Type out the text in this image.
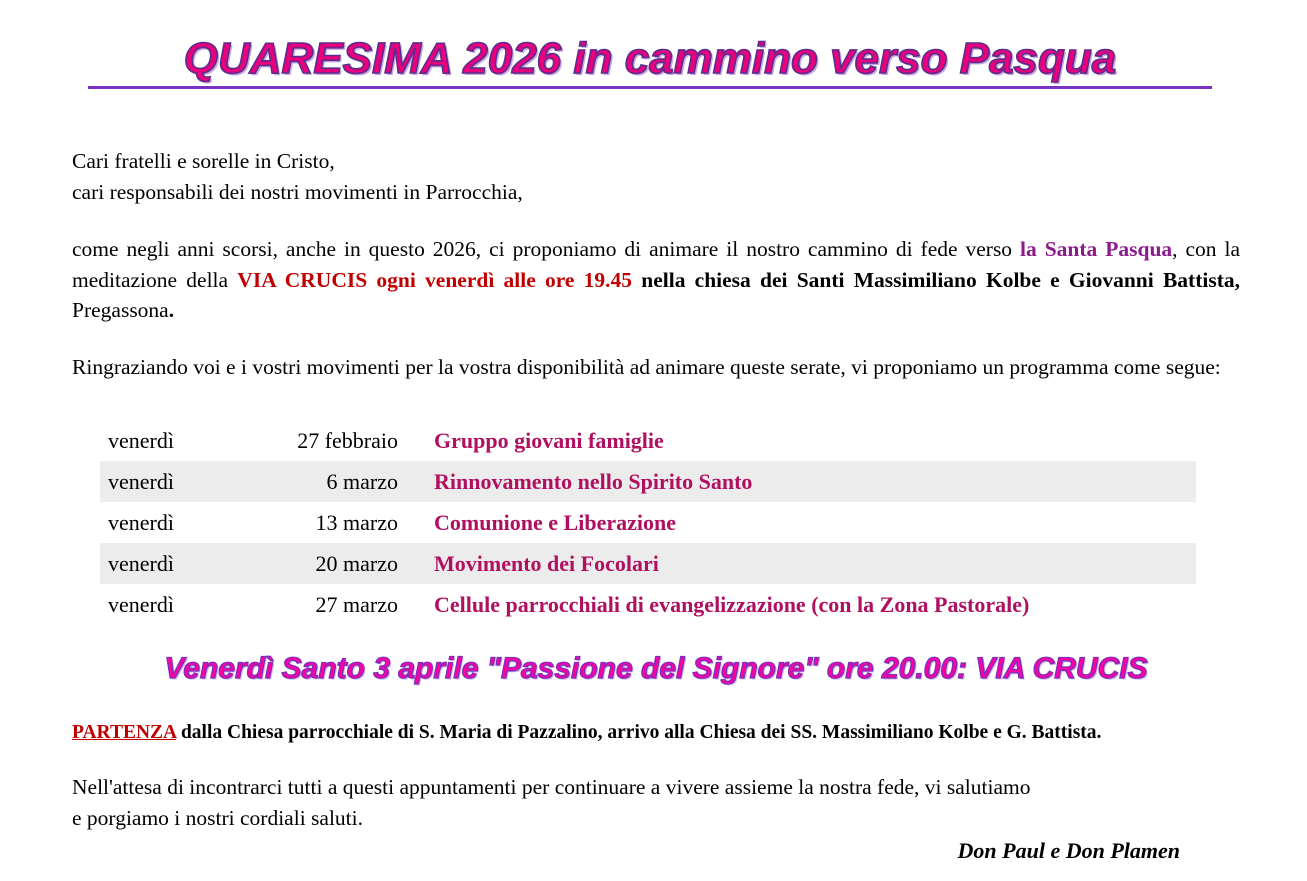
QUARESIMA 2026 in cammino verso Pasqua
Cari fratelli e sorelle in Cristo,
cari responsabili dei nostri movimenti in Parrocchia,
come negli anni scorsi, anche in questo 2026, ci proponiamo di animare il nostro cammino di fede verso la Santa Pasqua, con la meditazione della VIA CRUCIS ogni venerdì alle ore 19.45 nella chiesa dei Santi Massimiliano Kolbe e Giovanni Battista, Pregassona.
Ringraziando voi e i vostri movimenti per la vostra disponibilità ad animare queste serate, vi proponiamo un programma come segue:
venerdì	27 febbraio	Gruppo giovani famiglie
venerdì	6 marzo	Rinnovamento nello Spirito Santo
venerdì	13 marzo	Comunione e Liberazione
venerdì	20 marzo	Movimento dei Focolari
venerdì	27 marzo	Cellule parrocchiali di evangelizzazione (con la Zona Pastorale)
Venerdì Santo 3 aprile "Passione del Signore" ore 20.00: VIA CRUCIS
PARTENZA dalla Chiesa parrocchiale di S. Maria di Pazzalino, arrivo alla Chiesa dei SS. Massimiliano Kolbe e G. Battista.
Nell'attesa di incontrarci tutti a questi appuntamenti per continuare a vivere assieme la nostra fede, vi salutiamo
e porgiamo i nostri cordiali saluti.
Don Paul e Don Plamen
